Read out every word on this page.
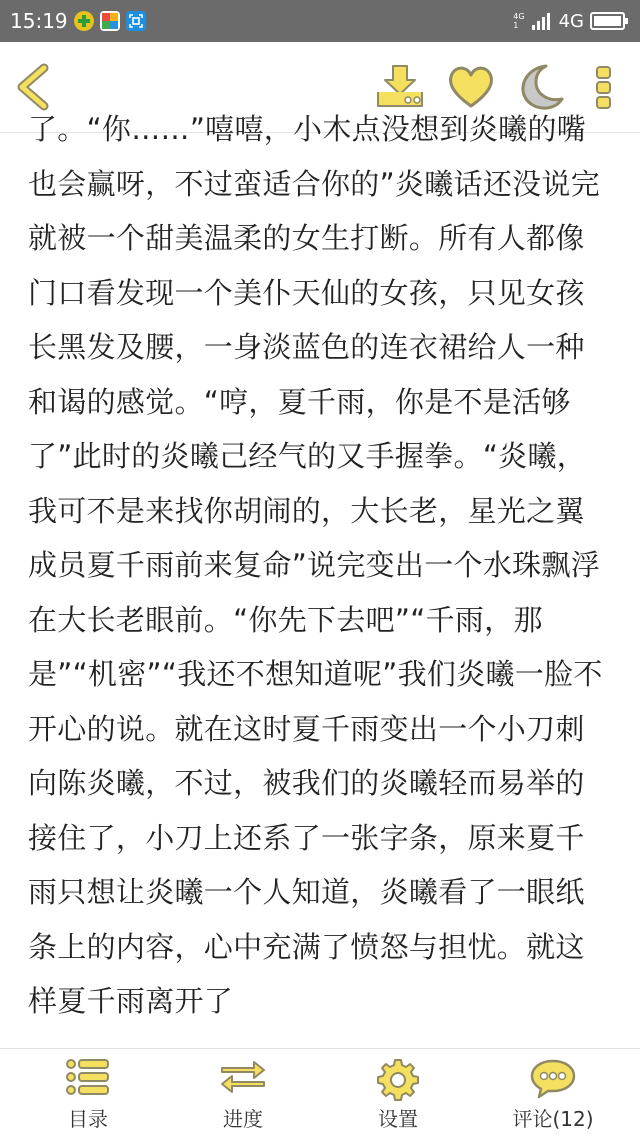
15:19	4G
1	4G

了。“你……”嘻嘻，小木点没想到炎曦的嘴也会赢呀，不过蛮适合你的”炎曦话还没说完就被一个甜美温柔的女生打断。所有人都像门口看发现一个美仆天仙的女孩，只见女孩长黑发及腰，一身淡蓝色的连衣裙给人一种和谒的感觉。“哼，夏千雨，你是不是活够了”此时的炎曦己经气的又手握拳。“炎曦，我可不是来找你胡闹的，大长老，星光之翼成员夏千雨前来复命”说完变出一个水珠飘浮在大长老眼前。“你先下去吧”“千雨，那是”“机密”“我还不想知道呢”我们炎曦一脸不开心的说。就在这时夏千雨变出一个小刀刺向陈炎曦，不过，被我们的炎曦轻而易举的接住了，小刀上还系了一张字条，原来夏千雨只想让炎曦一个人知道，炎曦看了一眼纸条上的内容，心中充满了愤怒与担忧。就这样夏千雨离开了

目录	进度	设置	评论(12)
